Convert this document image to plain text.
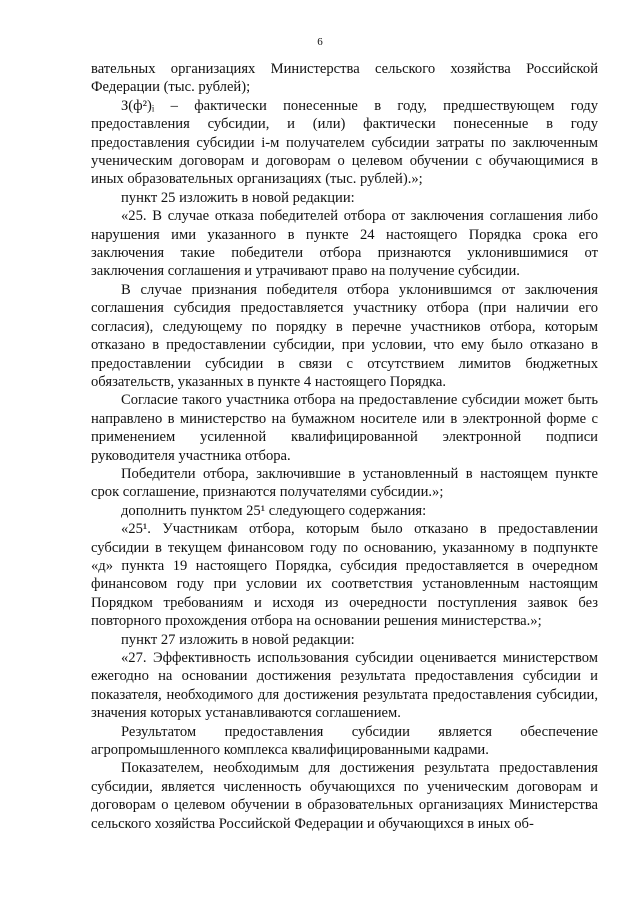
6

вательных организациях Министерства сельского хозяйства Российской Федерации (тыс. рублей);

З(ф²)ᵢ – фактически понесенные в году, предшествующем году предоставления субсидии, и (или) фактически понесенные в году предоставления субсидии i-м получателем субсидии затраты по заключенным ученическим договорам и договорам о целевом обучении с обучающимися в иных образовательных организациях (тыс. рублей).»;

пункт 25 изложить в новой редакции:

«25. В случае отказа победителей отбора от заключения соглашения либо нарушения ими указанного в пункте 24 настоящего Порядка срока его заключения такие победители отбора признаются уклонившимися от заключения соглашения и утрачивают право на получение субсидии.

В случае признания победителя отбора уклонившимся от заключения соглашения субсидия предоставляется участнику отбора (при наличии его согласия), следующему по порядку в перечне участников отбора, которым отказано в предоставлении субсидии, при условии, что ему было отказано в предоставлении субсидии в связи с отсутствием лимитов бюджетных обязательств, указанных в пункте 4 настоящего Порядка.

Согласие такого участника отбора на предоставление субсидии может быть направлено в министерство на бумажном носителе или в электронной форме с применением усиленной квалифицированной электронной подписи руководителя участника отбора.

Победители отбора, заключившие в установленный в настоящем пункте срок соглашение, признаются получателями субсидии.»;

дополнить пунктом 25¹ следующего содержания:

«25¹. Участникам отбора, которым было отказано в предоставлении субсидии в текущем финансовом году по основанию, указанному в подпункте «д» пункта 19 настоящего Порядка, субсидия предоставляется в очередном финансовом году при условии их соответствия установленным настоящим Порядком требованиям и исходя из очередности поступления заявок без повторного прохождения отбора на основании решения министерства.»;

пункт 27 изложить в новой редакции:

«27. Эффективность использования субсидии оценивается министерством ежегодно на основании достижения результата предоставления субсидии и показателя, необходимого для достижения результата предоставления субсидии, значения которых устанавливаются соглашением.

Результатом предоставления субсидии является обеспечение агропромышленного комплекса квалифицированными кадрами.

Показателем, необходимым для достижения результата предоставления субсидии, является численность обучающихся по ученическим договорам и договорам о целевом обучении в образовательных организациях Министерства сельского хозяйства Российской Федерации и обучающихся в иных об-
